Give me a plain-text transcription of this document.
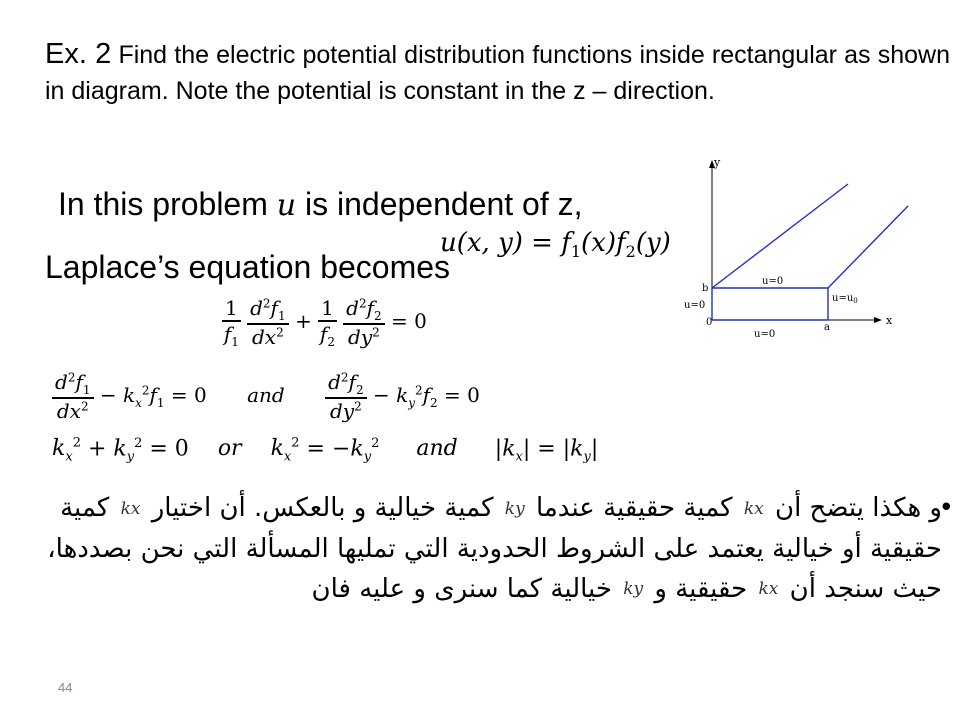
Ex. 2 Find the electric potential distribution functions inside rectangular as shown in diagram. Note the potential is constant in the z – direction.
In this problem u is independent of z,
u(x, $y) = f_1(x)f_2(y)$
Laplace’s equation becomes
$\frac{1}{f_1}$
$\frac{d^2f_1}{dx^2} + \frac{1}{f_2}$
$\frac{d^2f_2}{dy^2} = 0$
$\frac{d^2f_1}{dx^2} - k_x^2f_1 = 0$ and $\frac{d^2f_2}{dy^2} - k_y^2f_2 = 0$
$k_x^2 + k_y^2 = 0$ or $k_x^2 = -k_y^2$ and $|k_x| = |k_y|$
y
x
b
a
0
u=0
u=0
u=0
$u=u_0$
•
و هكذا يتضح أن kx كمية حقيقية عندما ky كمية خيالية و بالعكس. أن اختيار kx كمية حقيقية أو خيالية يعتمد على الشروط الحدودية التي تمليها المسألة التي نحن بصددها، حيث سنجد أن kx حقيقية و ky خيالية كما سنرى و عليه فان
44
